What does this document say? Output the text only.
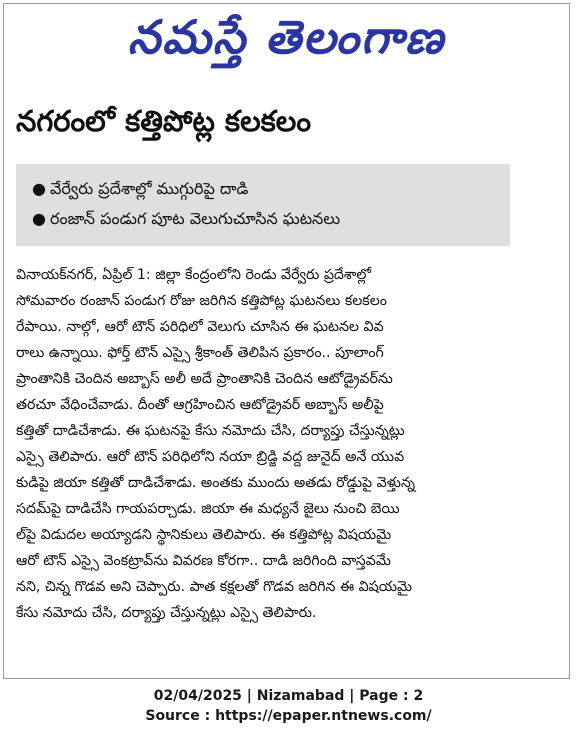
నమస్తే తెలంగాణ
నగరంలో కత్తిపోట్ల కలకలం
● వేర్వేరు ప్రదేశాల్లో ముగ్గురిపై దాడి
● రంజాన్ పండుగ పూట వెలుగుచూసిన ఘటనలు
వినాయక్‌నగర్, ఏప్రిల్ 1: జిల్లా కేంద్రంలోని రెండు వేర్వేరు ప్రదేశాల్లో
సోమవారం రంజాన్ పండుగ రోజు జరిగిన కత్తిపోట్ల ఘటనలు కలకలం
రేపాయి. నాల్గో, ఆరో టౌన్ పరిధిలో వెలుగు చూసిన ఈ ఘటనల వివ
రాలు ఉన్నాయి. ఫోర్త్ టౌన్ ఎస్సై శ్రీకాంత్ తెలిపిన ప్రకారం.. పూలాంగ్
ప్రాంతానికి చెందిన అబ్బాస్ అలీ అదే ప్రాంతానికి చెందిన ఆటోడ్రైవర్‌ను
తరచూ వేధించేవాడు. దీంతో ఆగ్రహించిన ఆటోడ్రైవర్ అబ్బాస్ అలీపై
కత్తితో దాడిచేశాడు. ఈ ఘటనపై కేసు నమోదు చేసి, దర్యాప్తు చేస్తున్నట్లు
ఎస్సై తెలిపారు. ఆరో టౌన్ పరిధిలోని నయా బ్రిడ్జి వద్ద జునైద్ అనే యువ
కుడిపై జియా కత్తితో దాడిచేశాడు. అంతకు ముందు అతడు రోడ్డుపై వెళ్తున్న
సదమ్‌పై దాడిచేసి గాయపర్చాడు. జియా ఈ మధ్యనే జైలు నుంచి బెయి
ల్‌పై విడుదల అయ్యాడని స్థానికులు తెలిపారు. ఈ కత్తిపోట్ల విషయమై
ఆరో టౌన్ ఎస్సై వెంకట్రావ్‌ను వివరణ కోరగా.. దాడి జరిగింది వాస్తవమే
నని, చిన్న గొడవ అని చెప్పారు. పాత కక్షలతో గొడవ జరిగిన ఈ విషయమై
కేసు నమోదు చేసి, దర్యాప్తు చేస్తున్నట్లు ఎస్సై తెలిపారు.
02/04/2025 | Nizamabad | Page : 2
Source : https://epaper.ntnews.com/
